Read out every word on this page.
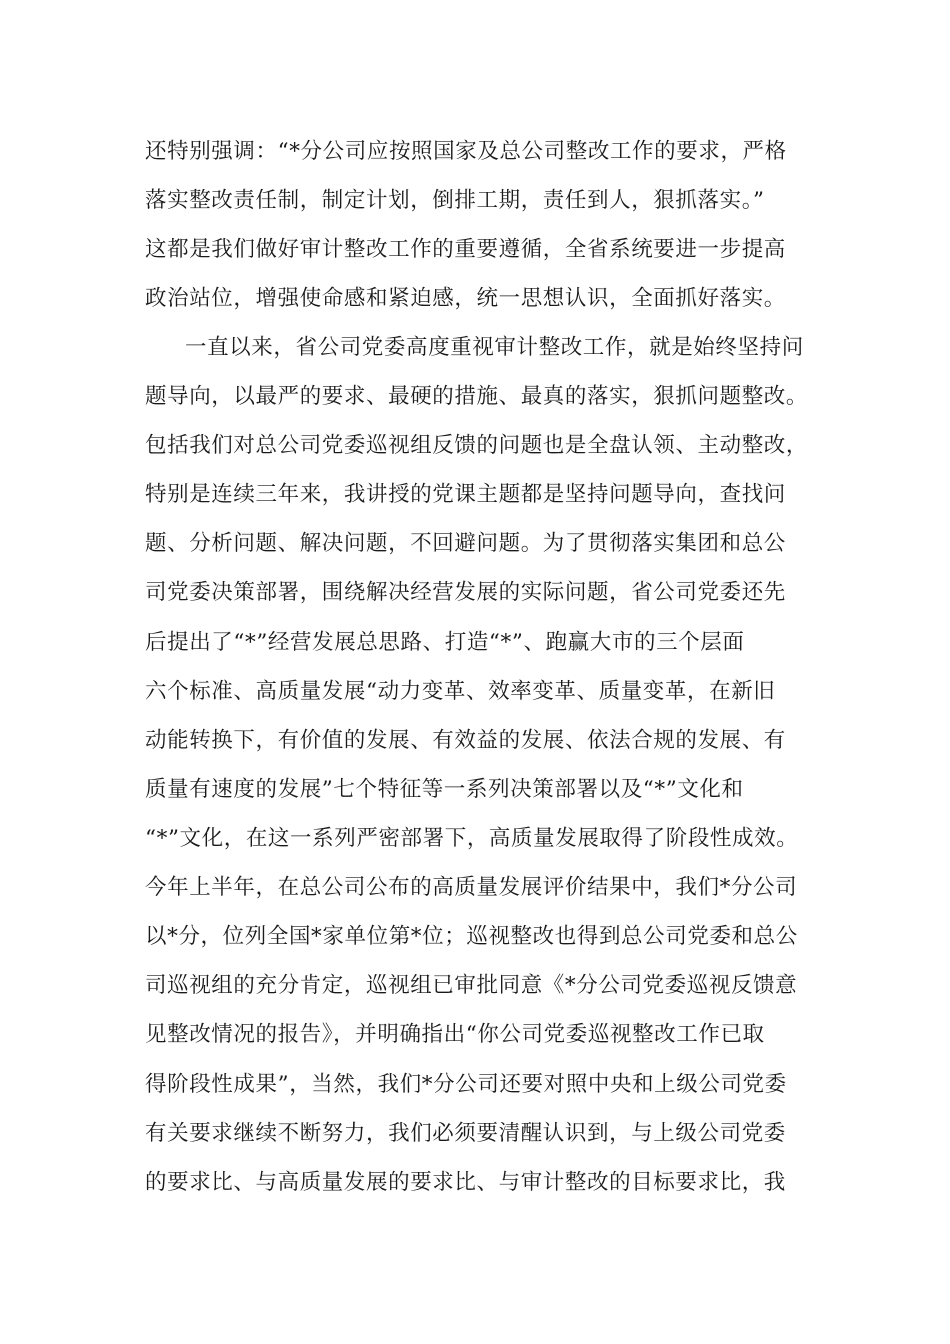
还特别强调：“*分公司应按照国家及总公司整改工作的要求，严格
落实整改责任制，制定计划，倒排工期，责任到人，狠抓落实。”
这都是我们做好审计整改工作的重要遵循，全省系统要进一步提高
政治站位，增强使命感和紧迫感，统一思想认识，全面抓好落实。
一直以来，省公司党委高度重视审计整改工作，就是始终坚持问
题导向，以最严的要求、最硬的措施、最真的落实，狠抓问题整改。
包括我们对总公司党委巡视组反馈的问题也是全盘认领、主动整改，
特别是连续三年来，我讲授的党课主题都是坚持问题导向，查找问
题、分析问题、解决问题，不回避问题。为了贯彻落实集团和总公
司党委决策部署，围绕解决经营发展的实际问题，省公司党委还先
后提出了“*”经营发展总思路、打造“*”、跑赢大市的三个层面
六个标准、高质量发展“动力变革、效率变革、质量变革，在新旧
动能转换下，有价值的发展、有效益的发展、依法合规的发展、有
质量有速度的发展”七个特征等一系列决策部署以及“*”文化和
“*”文化，在这一系列严密部署下，高质量发展取得了阶段性成效。
今年上半年，在总公司公布的高质量发展评价结果中，我们*分公司
以*分，位列全国*家单位第*位；巡视整改也得到总公司党委和总公
司巡视组的充分肯定，巡视组已审批同意《*分公司党委巡视反馈意
见整改情况的报告》，并明确指出“你公司党委巡视整改工作已取
得阶段性成果”，当然，我们*分公司还要对照中央和上级公司党委
有关要求继续不断努力，我们必须要清醒认识到，与上级公司党委
的要求比、与高质量发展的要求比、与审计整改的目标要求比，我
